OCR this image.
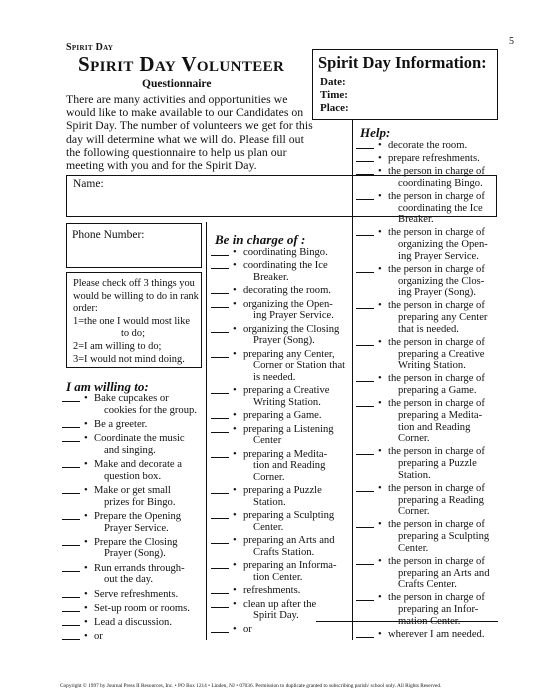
5
Spirit Day
Spirit Day Volunteer
Questionnaire
There are many activities and opportunities we would like to make available to our Candidates on Spirit Day. The number of volunteers we get for this day will determine what we will do. Please fill out the following questionnaire to help us plan our meeting with you and for the Spirit Day.
Spirit Day Information:
Date:
Time:
Place:
Name:
Phone Number:
Please check off 3 things you would be willing to do in rank order:
1=the one I would most like
to do;
2=I am willing to do;
3=I would not mind doing.
I am willing to:
• Bake cupcakes or
cookies for the group.
• Be a greeter.
• Coordinate the music
and singing.
• Make and decorate a
question box.
• Make or get small
prizes for Bingo.
• Prepare the Opening
Prayer Service.
• Prepare the Closing
Prayer (Song).
• Run errands through-
out the day.
• Serve refreshments.
• Set-up room or rooms.
• Lead a discussion.
• or
Be in charge of :
• coordinating Bingo.
• coordinating the Ice
Breaker.
• decorating the room.
• organizing the Open-
ing Prayer Service.
• organizing the Closing
Prayer (Song).
• preparing any Center,
Corner or Station that
is needed.
• preparing a Creative
Writing Station.
• preparing a Game.
• preparing a Listening
Center
• preparing a Medita-
tion and Reading
Corner.
• preparing a Puzzle
Station.
• preparing a Sculpting
Center.
• preparing an Arts and
Crafts Station.
• preparing an Informa-
tion Center.
• refreshments.
• clean up after the
Spirit Day.
• or
Help:
• decorate the room.
• prepare refreshments.
• the person in charge of
coordinating Bingo.
• the person in charge of
coordinating the Ice
Breaker.
• the person in charge of
organizing the Open-
ing Prayer Service.
• the person in charge of
organizing the Clos-
ing Prayer (Song).
• the person in charge of
preparing any Center
that is needed.
• the person in charge of
preparing a Creative
Writing Station.
• the person in charge of
preparing a Game.
• the person in charge of
preparing a Medita-
tion and Reading
Corner.
• the person in charge of
preparing a Puzzle
Station.
• the person in charge of
preparing a Reading
Corner.
• the person in charge of
preparing a Sculpting
Center.
• the person in charge of
preparing an Arts and
Crafts Center.
• the person in charge of
preparing an Infor-
mation Center.
• wherever I am needed.
Copyright © 1997 by Journal Press II Resources, Inc. • PO Box 1214 • Linden, NJ • 07036. Permission to duplicate granted to subscribing parish/ school only. All Rights Reserved.
